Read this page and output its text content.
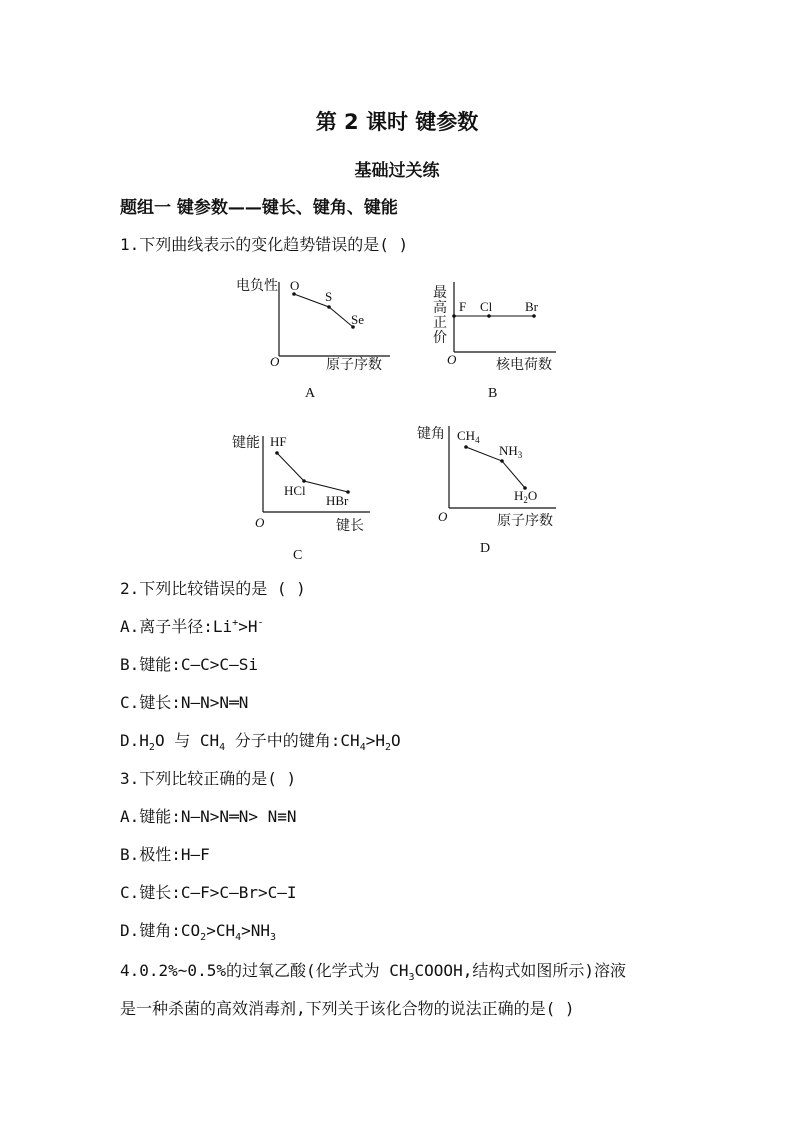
第 2 课时 键参数
基础过关练
题组一 键参数——键长、键角、键能
1.下列曲线表示的变化趋势错误的是( )
电负性
O	原子序数
O
S
Se
A
最
高
正
价
F Cl	Br
O	核电荷数
B
键能 HF
HCl
HBr
O	键长
C
键角 $CH_4$
$NH_3$
$H_2O$
O	原子序数
D
2.下列比较错误的是 ( )
A.离子半径:Li+>H-
B.键能:C—C>C—Si
C.键长:N—N>N═N
$D.H_2O$ 与 $CH_4$ 分子中的键角$:CH_4>H_2O$
3.下列比较正确的是( )
A.键能:N—N>N═N> N≡N
B.极性:H—F
C.键长:C—F>C—Br>C—I
D.键角$:CO_2>CH_4>NH_3$
4.0.2%~0.5%的过氧乙酸(化学式为 $CH_3COOOH$,结构式如图所示)溶液
是一种杀菌的高效消毒剂,下列关于该化合物的说法正确的是( )
